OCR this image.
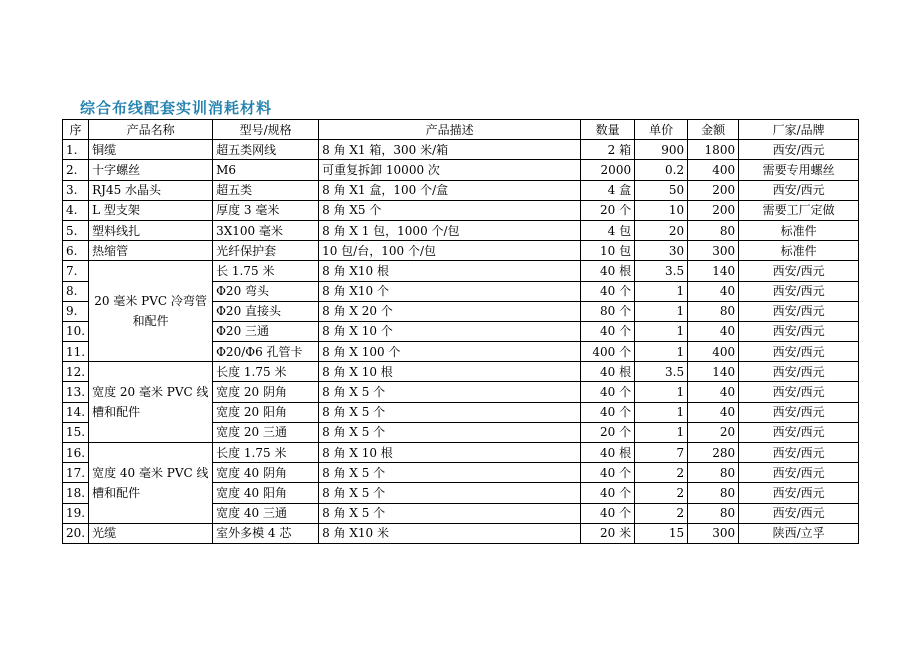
综合布线配套实训消耗材料
序	产品名称	型号/规格	产品描述	数量	单价	金额	厂家/品牌
1.	铜缆	超五类网线	8 角 X1 箱，300 米/箱	2 箱	900	1800	西安/西元
2.	十字螺丝	M6	可重复拆卸 10000 次	2000	0.2	400	需要专用螺丝
3.	RJ45 水晶头	超五类	8 角 X1 盒，100 个/盒	4 盒	50	200	西安/西元
4.	L 型支架	厚度 3 毫米	8 角 X5 个	20 个	10	200	需要工厂定做
5.	塑料线扎	3X100 毫米	8 角 X 1 包，1000 个/包	4 包	20	80	标准件
6.	热缩管	光纤保护套	10 包/台，100 个/包	10 包	30	300	标准件
7.	20 毫米 PVC 冷弯管和配件	长 1.75 米	8 角 X10 根	40 根	3.5	140	西安/西元
8.		Φ20 弯头	8 角 X10 个	40 个	1	40	西安/西元
9.		Φ20 直接头	8 角 X 20 个	80 个	1	80	西安/西元
10.		Φ20 三通	8 角 X 10 个	40 个	1	40	西安/西元
11.		Φ20/Φ6 孔管卡	8 角 X 100 个	400 个	1	400	西安/西元
12.	宽度 20 毫米 PVC 线槽和配件	长度 1.75 米	8 角 X 10 根	40 根	3.5	140	西安/西元
13.		宽度 20 阴角	8 角 X 5 个	40 个	1	40	西安/西元
14.		宽度 20 阳角	8 角 X 5 个	40 个	1	40	西安/西元
15.		宽度 20 三通	8 角 X 5 个	20 个	1	20	西安/西元
16.	宽度 40 毫米 PVC 线槽和配件	长度 1.75 米	8 角 X 10 根	40 根	7	280	西安/西元
17.		宽度 40 阴角	8 角 X 5 个	40 个	2	80	西安/西元
18.		宽度 40 阳角	8 角 X 5 个	40 个	2	80	西安/西元
19.		宽度 40 三通	8 角 X 5 个	40 个	2	80	西安/西元
20.	光缆	室外多模 4 芯	8 角 X10 米	20 米	15	300	陕西/立孚
